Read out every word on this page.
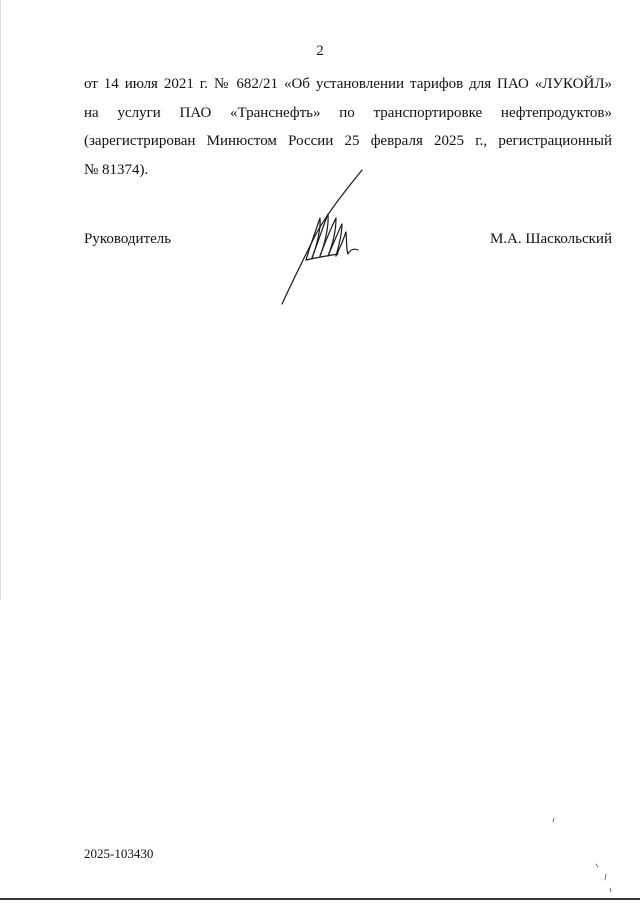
2
от 14 июля 2021 г. № 682/21 «Об установлении тарифов для ПАО «ЛУКОЙЛ»
на услуги ПАО «Транснефть» по транспортировке нефтепродуктов»
(зарегистрирован Минюстом России 25 февраля 2025 г., регистрационный
№ 81374).
Руководитель	М.А. Шаскольский
2025-103430
